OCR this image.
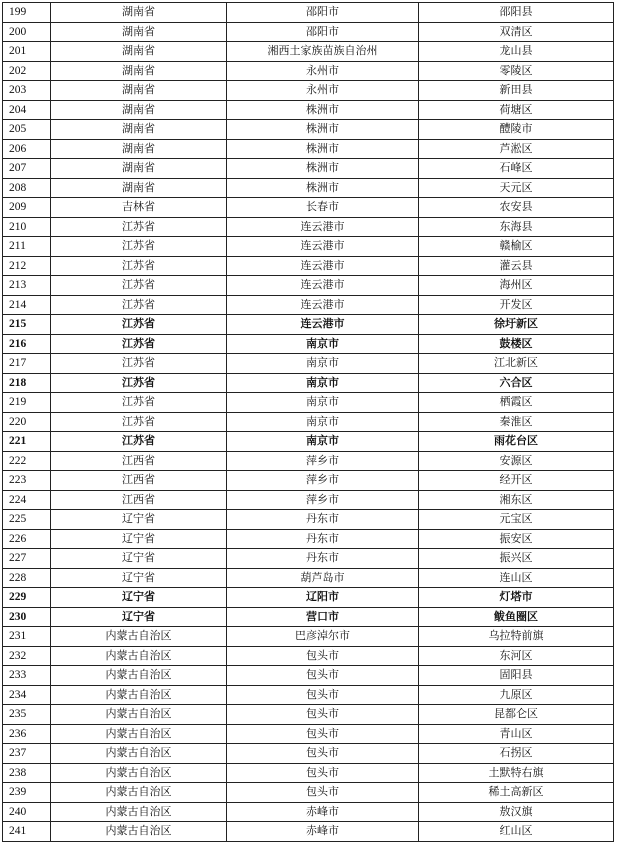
199	湖南省	邵阳市	邵阳县
200	湖南省	邵阳市	双清区
201	湖南省	湘西土家族苗族自治州	龙山县
202	湖南省	永州市	零陵区
203	湖南省	永州市	新田县
204	湖南省	株洲市	荷塘区
205	湖南省	株洲市	醴陵市
206	湖南省	株洲市	芦淞区
207	湖南省	株洲市	石峰区
208	湖南省	株洲市	天元区
209	吉林省	长春市	农安县
210	江苏省	连云港市	东海县
211	江苏省	连云港市	赣榆区
212	江苏省	连云港市	灌云县
213	江苏省	连云港市	海州区
214	江苏省	连云港市	开发区
215	江苏省	连云港市	徐圩新区
216	江苏省	南京市	鼓楼区
217	江苏省	南京市	江北新区
218	江苏省	南京市	六合区
219	江苏省	南京市	栖霞区
220	江苏省	南京市	秦淮区
221	江苏省	南京市	雨花台区
222	江西省	萍乡市	安源区
223	江西省	萍乡市	经开区
224	江西省	萍乡市	湘东区
225	辽宁省	丹东市	元宝区
226	辽宁省	丹东市	振安区
227	辽宁省	丹东市	振兴区
228	辽宁省	葫芦岛市	连山区
229	辽宁省	辽阳市	灯塔市
230	辽宁省	营口市	鲅鱼圈区
231	内蒙古自治区	巴彦淖尔市	乌拉特前旗
232	内蒙古自治区	包头市	东河区
233	内蒙古自治区	包头市	固阳县
234	内蒙古自治区	包头市	九原区
235	内蒙古自治区	包头市	昆都仑区
236	内蒙古自治区	包头市	青山区
237	内蒙古自治区	包头市	石拐区
238	内蒙古自治区	包头市	土默特右旗
239	内蒙古自治区	包头市	稀土高新区
240	内蒙古自治区	赤峰市	敖汉旗
241	内蒙古自治区	赤峰市	红山区
